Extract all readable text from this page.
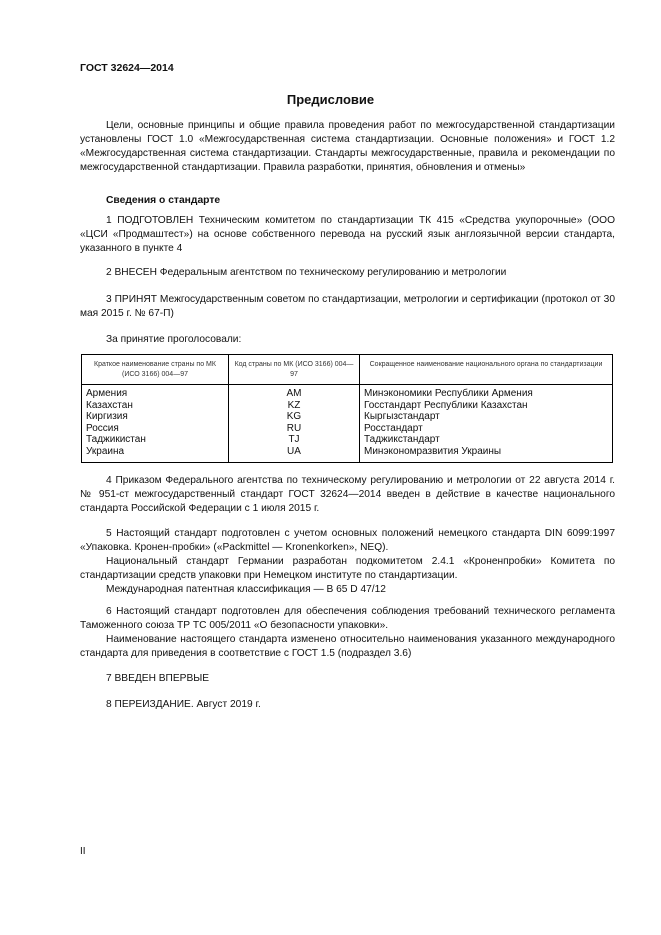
ГОСТ 32624—2014
Предисловие

Цели, основные принципы и общие правила проведения работ по межгосударственной стандартизации установлены ГОСТ 1.0 «Межгосударственная система стандартизации. Основные положения» и ГОСТ 1.2 «Межгосударственная система стандартизации. Стандарты межгосударственные, правила и рекомендации по межгосударственной стандартизации. Правила разработки, принятия, обновления и отмены»

Сведения о стандарте

1 ПОДГОТОВЛЕН Техническим комитетом по стандартизации ТК 415 «Средства укупорочные» (ООО «ЦСИ «Продмаштест») на основе собственного перевода на русский язык англоязычной версии стандарта, указанного в пункте 4

2 ВНЕСЕН Федеральным агентством по техническому регулированию и метрологии

3 ПРИНЯТ Межгосударственным советом по стандартизации, метрологии и сертификации (протокол от 30 мая 2015 г. № 67-П)

За принятие проголосовали:

Краткое наименование страны по МК (ИСО 3166) 004—97	Код страны по МК (ИСО 3166) 004—97	Сокращенное наименование национального органа по стандартизации
Армения	AM	Минэкономики Республики Армения
Казахстан	KZ	Госстандарт Республики Казахстан
Киргизия	KG	Кыргызстандарт
Россия	RU	Росстандарт
Таджикистан	TJ	Таджикстандарт
Украина	UA	Минэкономразвития Украины

4 Приказом Федерального агентства по техническому регулированию и метрологии от 22 августа 2014 г. № 951-ст межгосударственный стандарт ГОСТ 32624—2014 введен в действие в качестве национального стандарта Российской Федерации с 1 июля 2015 г.

5 Настоящий стандарт подготовлен с учетом основных положений немецкого стандарта DIN 6099:1997 «Упаковка. Кронен-пробки» («Packmittel — Kronenkorken», NEQ).

Национальный стандарт Германии разработан подкомитетом 2.4.1 «Кроненпробки» Комитета по стандартизации средств упаковки при Немецком институте по стандартизации.

Международная патентная классификация — В 65 D 47/12

6 Настоящий стандарт подготовлен для обеспечения соблюдения требований технического регламента Таможенного союза ТР ТС 005/2011 «О безопасности упаковки».

Наименование настоящего стандарта изменено относительно наименования указанного международного стандарта для приведения в соответствие с ГОСТ 1.5 (подраздел 3.6)

7 ВВЕДЕН ВПЕРВЫЕ

8 ПЕРЕИЗДАНИЕ. Август 2019 г.

II
